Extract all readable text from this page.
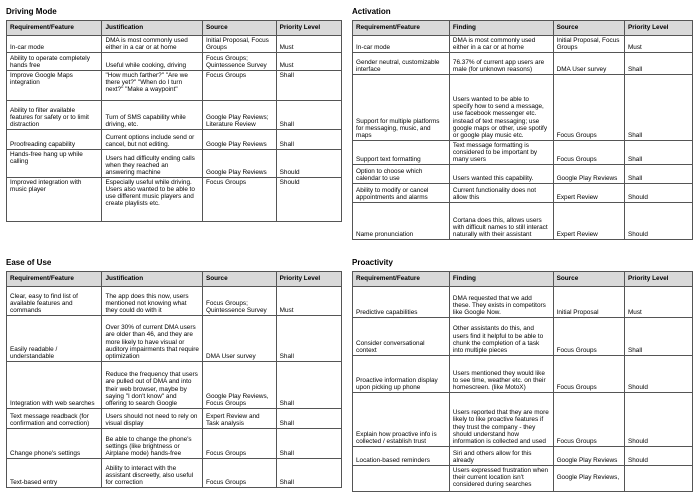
Driving Mode
Requirement/Feature	Justification	Source	Priority Level
In-car mode	DMA is most commonly used either in a car or at home	Initial Proposal, Focus Groups	Must
Ability to operate completely hands free	Useful while cooking, driving	Focus Groups; Quintessence Survey	Must
Improve Google Maps integration	"How much farther?" "Are we there yet?" "When do I turn next?" "Make a waypoint"	Focus Groups	Shall
Ability to filter available features for safety or to limit distraction	Turn of SMS capability while driving, etc.	Google Play Reviews; Literature Review	Shall
Proofreading capability	Current options include send or cancel, but not editing.	Google Play Reviews	Shall
Hands-free hang up while calling	Users had difficulty ending calls when they reached an answering machine	Google Play Reviews	Should
Improved integration with music player	Especially useful while driving. Users also wanted to be able to use different music players and create playlists etc.	Focus Groups	Should
Activation
Requirement/Feature	Finding	Source	Priority Level
In-car mode	DMA is most commonly used either in a car or at home	Initial Proposal, Focus Groups	Must
Gender neutral, customizable interface	76.37% of current app users are male (for unknown reasons)	DMA User survey	Shall
Support for multiple platforms for messaging, music, and maps	Users wanted to be able to specify how to send a message, use facebook messenger etc. instead of text messaging; use google maps or other, use spotify or google play music etc.	Focus Groups	Shall
Support text formatting	Text message formatting is considered to be important by many users	Focus Groups	Shall
Option to choose which calendar to use	Users wanted this capability.	Google Play Reviews	Shall
Ability to modify or cancel appointments and alarms	Current functionality does not allow this	Expert Review	Should
Name pronunciation	Cortana does this, allows users with difficult names to still interact naturally with their assistant	Expert Review	Should
Ease of Use
Requirement/Feature	Justification	Source	Priority Level
Clear, easy to find list of available features and commands	The app does this now, users mentioned not knowing what they could do with it	Focus Groups; Quintessence Survey	Must
Easily readable / understandable	Over 30% of current DMA users are older than 46, and they are more likely to have visual or auditory impairments that require optimization	DMA User survey	Shall
Integration with web searches	Reduce the frequency that users are pulled out of DMA and into their web browser, maybe by saying "I don't know" and offering to search Google	Google Play Reviews, Focus Groups	Shall
Text message readback (for confirmation and correction)	Users should not need to rely on visual display	Expert Review and Task analysis	Shall
Change phone's settings	Be able to change the phone's settings (like brightness or Airplane mode) hands-free	Focus Groups	Shall
Text-based entry	Ability to interact with the assistant discreetly, also useful for correction	Focus Groups	Shall
Proactivity
Requirement/Feature	Finding	Source	Priority Level
Predictive capabilities	DMA requested that we add these. They exists in competitors like Google Now.	Initial Proposal	Must
Consider conversational context	Other assistants do this, and users find it helpful to be able to chunk the completion of a task into multiple pieces	Focus Groups	Shall
Proactive information display upon picking up phone	Users mentioned they would like to see time, weather etc. on their homescreen. (like MotoX)	Focus Groups	Should
Explain how proactive info is collected / establish trust	Users reported that they are more likely to like proactive features if they trust the company - they should understand how information is collected and used	Focus Groups	Should
Location-based reminders	Siri and others allow for this already	Google Play Reviews	Should
	Users expressed frustration when their current location isn't considered during searches	Google Play Reviews,	
